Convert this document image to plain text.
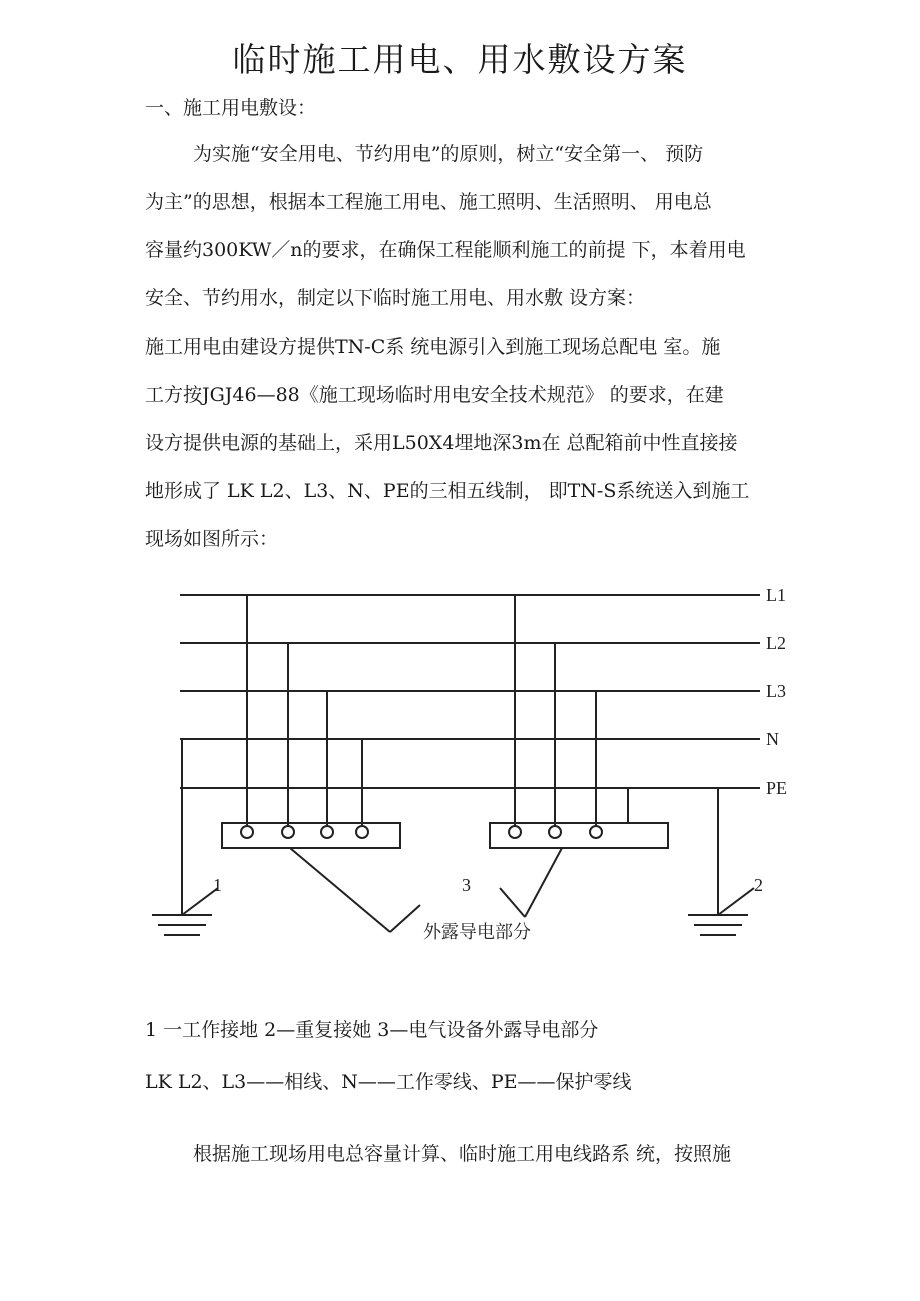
临时施工用电、用水敷设方案

一、施工用电敷设：

为实施“安全用电、节约用电”的原则，树立“安全第一、 预防
为主”的思想，根据本工程施工用电、施工照明、生活照明、 用电总
容量约300KW／n的要求，在确保工程能顺利施工的前提 下，本着用电
安全、节约用水，制定以下临时施工用电、用水敷 设方案：
施工用电由建设方提供TN-C系 统电源引入到施工现场总配电 室。施
工方按JGJ46—88《施工现场临时用电安全技术规范》 的要求，在建
设方提供电源的基础上，采用L50X4埋地深3m在 总配箱前中性直接接
地形成了 LK L2、L3、N、PE的三相五线制， 即TN-S系统送入到施工
现场如图所示：
L1
L2
L3
N
PE
1	3	2
外露导电部分

1 一工作接地 2—重复接她 3—电气设备外露导电部分

LK L2、L3——相线、N——工作零线、PE——保护零线

根据施工现场用电总容量计算、临时施工用电线路系 统，按照施
